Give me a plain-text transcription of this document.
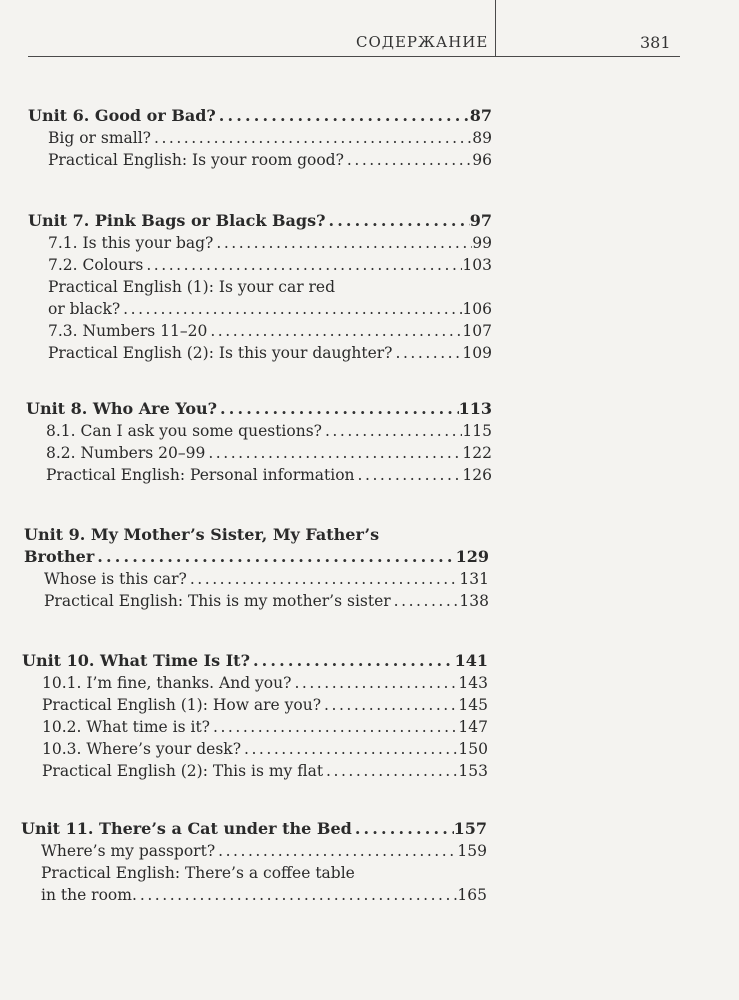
СОДЕРЖАНИЕ	381
Unit 6. Good or Bad? . . .	87
Big or small? . . .	89
Practical English: Is your room good? . . .	96
Unit 7. Pink Bags or Black Bags? . . .	97
7.1. Is this your bag? . . .	99
7.2. Colours . . .	103
Practical English (1): Is your car red
or black? . . .	106
7.3. Numbers 11–20 . . .	107
Practical English (2): Is this your daughter? . . .	109
Unit 8. Who Are You? . . .	113
8.1. Can I ask you some questions? . . .	115
8.2. Numbers 20–99 . . .	122
Practical English: Personal information . . .	126
Unit 9. My Mother’s Sister, My Father’s
Brother . . .	129
Whose is this car? . . .	131
Practical English: This is my mother’s sister . . .	138
Unit 10. What Time Is It? . . .	141
10.1. I’m fine, thanks. And you? . . .	143
Practical English (1): How are you? . . .	145
10.2. What time is it? . . .	147
10.3. Where’s your desk? . . .	150
Practical English (2): This is my flat . . .	153
Unit 11. There’s a Cat under the Bed . . .	157
Where’s my passport? . . .	159
Practical English: There’s a coffee table
in the room. . . .	165
